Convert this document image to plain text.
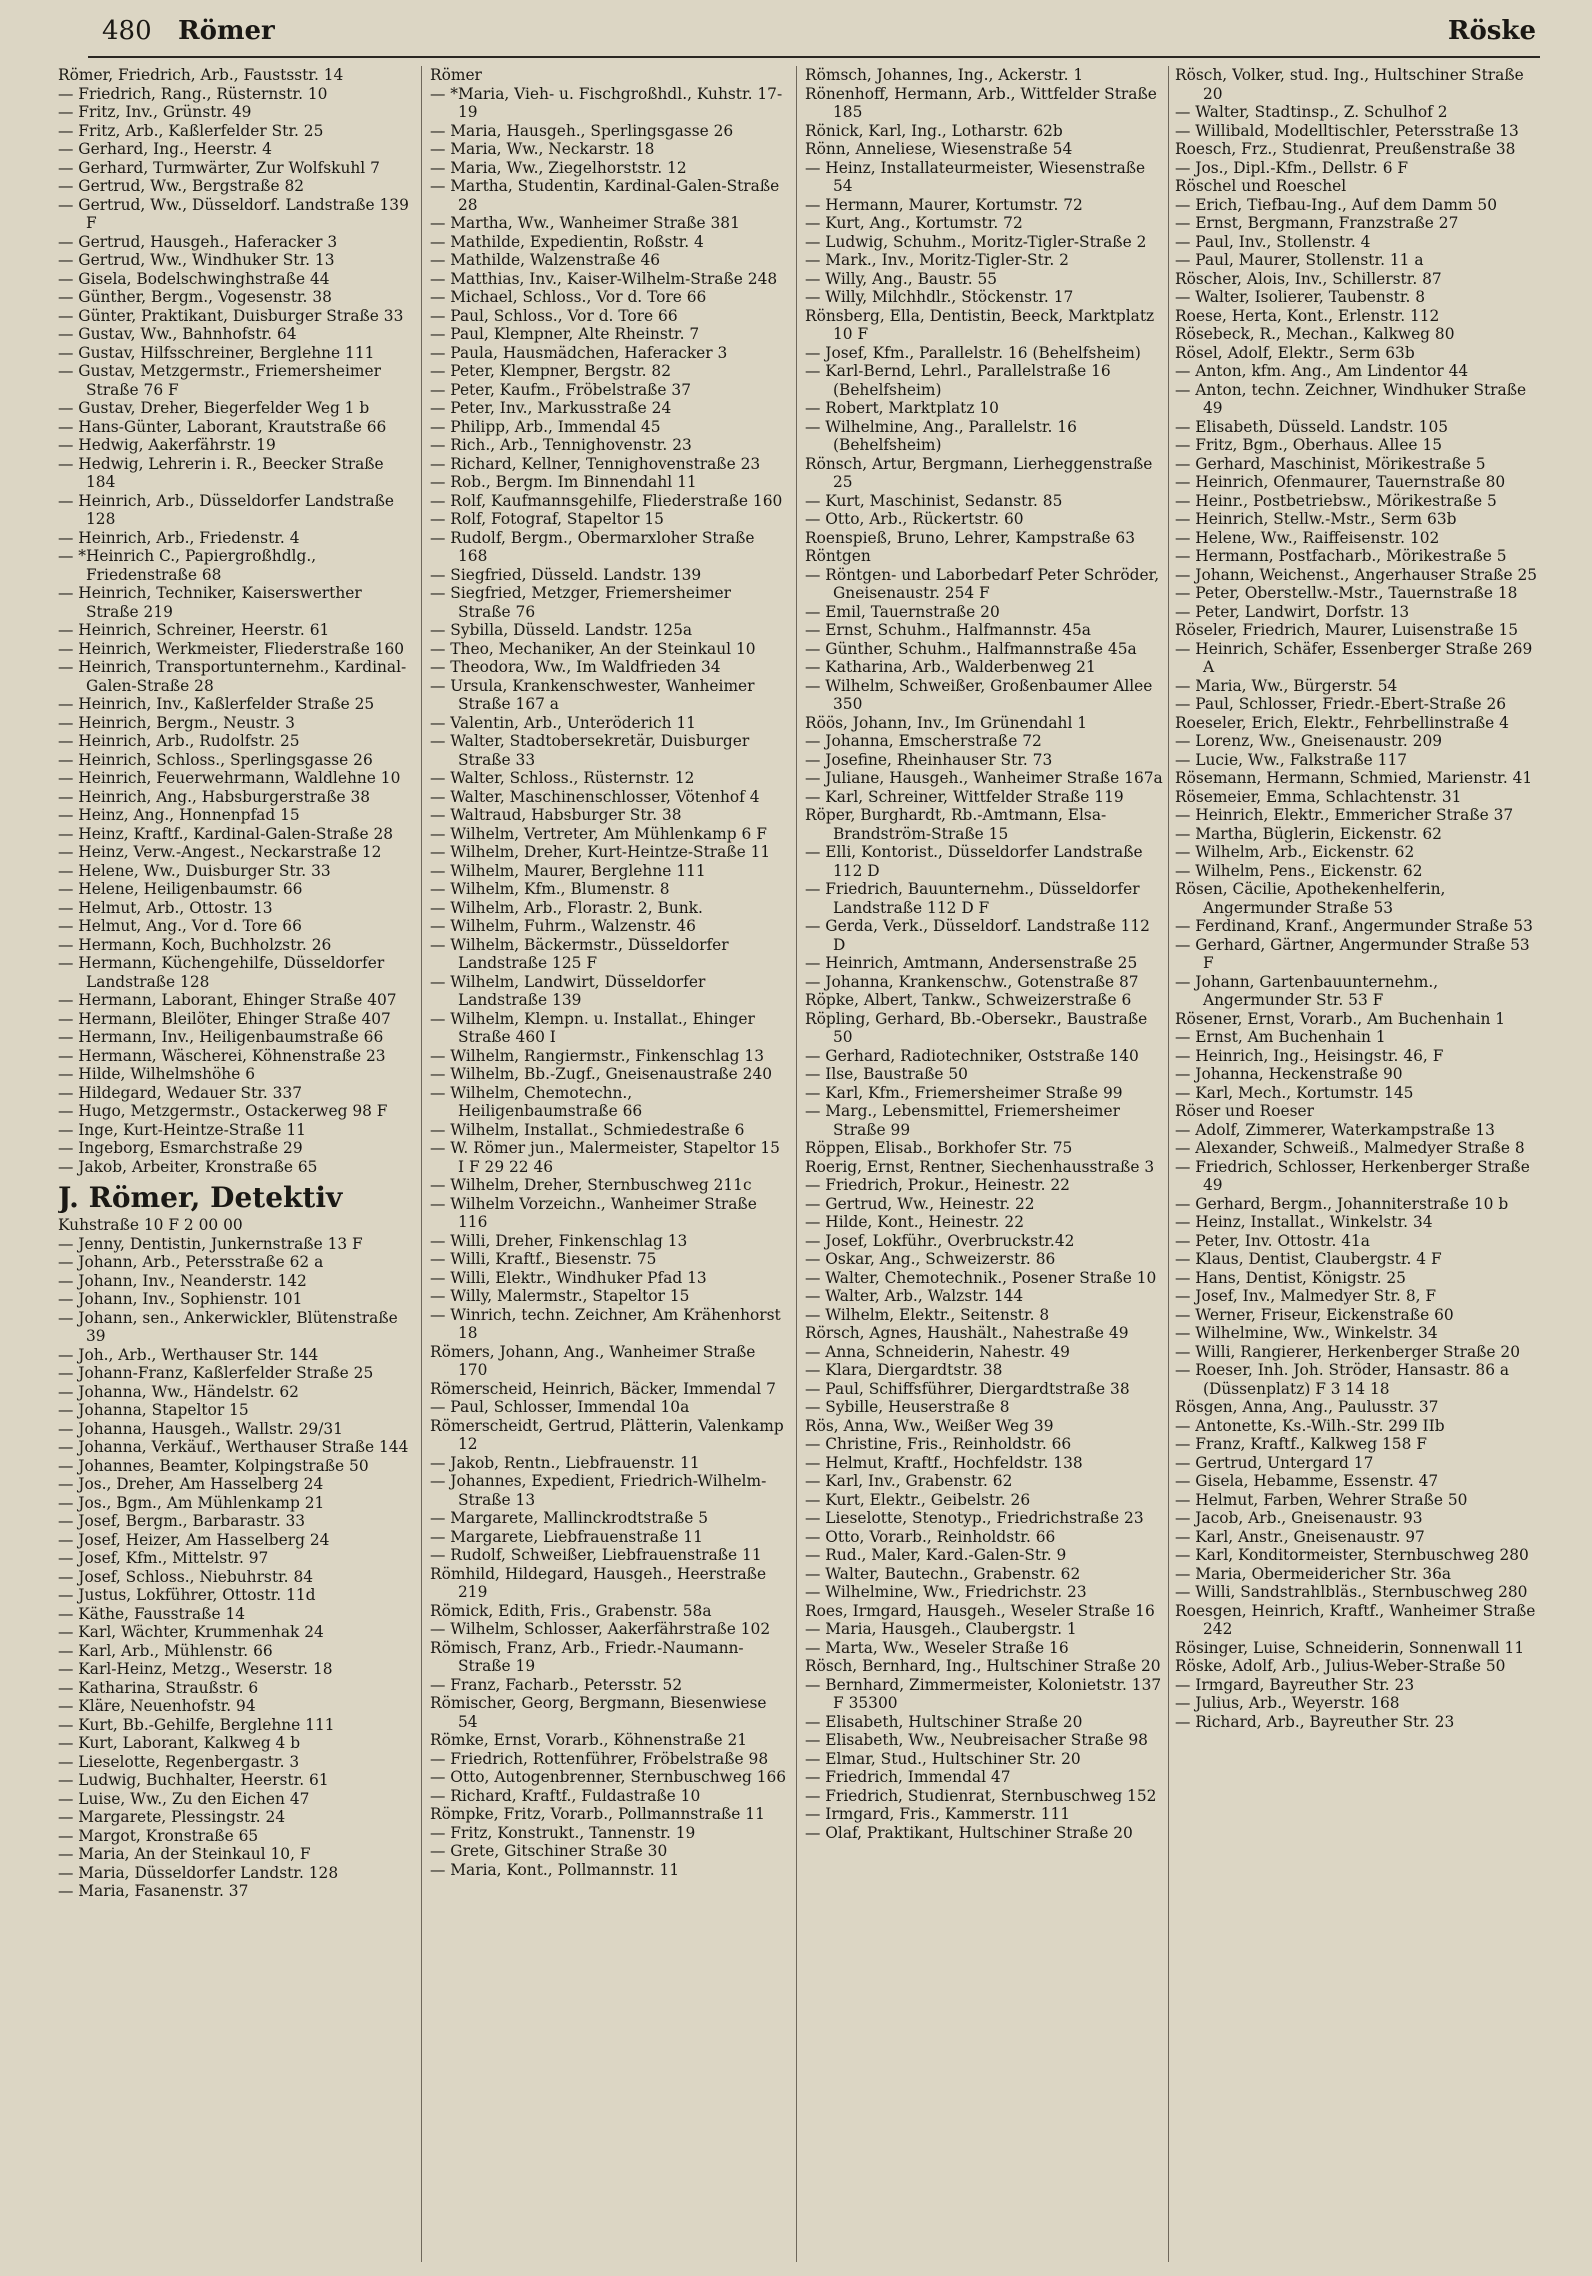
480 Römer	Röske

Römer, Friedrich, Arb., Faustsstr. 14

— Friedrich, Rang., Rüsternstr. 10

— Fritz, Inv., Grünstr. 49

— Fritz, Arb., Kaßlerfelder Str. 25

— Gerhard, Ing., Heerstr. 4

— Gerhard, Turmwärter, Zur Wolfskuhl 7

— Gertrud, Ww., Bergstraße 82

— Gertrud, Ww., Düsseldorf. Landstraße 139 F

— Gertrud, Hausgeh., Haferacker 3

— Gertrud, Ww., Windhuker Str. 13

— Gisela, Bodelschwinghstraße 44

— Günther, Bergm., Vogesenstr. 38

— Günter, Praktikant, Duisburger Straße 33

— Gustav, Ww., Bahnhofstr. 64

— Gustav, Hilfsschreiner, Berglehne 111

— Gustav, Metzgermstr., Friemersheimer Straße 76 F

— Gustav, Dreher, Biegerfelder Weg 1 b

— Hans-Günter, Laborant, Krautstraße 66

— Hedwig, Aakerfährstr. 19

— Hedwig, Lehrerin i. R., Beecker Straße 184

— Heinrich, Arb., Düsseldorfer Landstraße 128

— Heinrich, Arb., Friedenstr. 4

— *Heinrich C., Papiergroßhdlg., Friedenstraße 68

— Heinrich, Techniker, Kaiserswerther Straße 219

— Heinrich, Schreiner, Heerstr. 61

— Heinrich, Werkmeister, Fliederstraße 160

— Heinrich, Transportunternehm., Kardinal-Galen-Straße 28

— Heinrich, Inv., Kaßlerfelder Straße 25

— Heinrich, Bergm., Neustr. 3

— Heinrich, Arb., Rudolfstr. 25

— Heinrich, Schloss., Sperlingsgasse 26

— Heinrich, Feuerwehrmann, Waldlehne 10

— Heinrich, Ang., Habsburgerstraße 38

— Heinz, Ang., Honnenpfad 15

— Heinz, Kraftf., Kardinal-Galen-Straße 28

— Heinz, Verw.-Angest., Neckarstraße 12

— Helene, Ww., Duisburger Str. 33

— Helene, Heiligenbaumstr. 66

— Helmut, Arb., Ottostr. 13

— Helmut, Ang., Vor d. Tore 66

— Hermann, Koch, Buchholzstr. 26

— Hermann, Küchengehilfe, Düsseldorfer Landstraße 128

— Hermann, Laborant, Ehinger Straße 407

— Hermann, Bleilöter, Ehinger Straße 407

— Hermann, Inv., Heiligenbaumstraße 66

— Hermann, Wäscherei, Köhnenstraße 23

— Hilde, Wilhelmshöhe 6

— Hildegard, Wedauer Str. 337

— Hugo, Metzgermstr., Ostackerweg 98 F

— Inge, Kurt-Heintze-Straße 11

— Ingeborg, Esmarchstraße 29

— Jakob, Arbeiter, Kronstraße 65

J. Römer, Detektiv

Kuhstraße 10 F 2 00 00

— Jenny, Dentistin, Junkernstraße 13 F

— Johann, Arb., Petersstraße 62 a

— Johann, Inv., Neanderstr. 142

— Johann, Inv., Sophienstr. 101

— Johann, sen., Ankerwickler, Blütenstraße 39

— Joh., Arb., Werthauser Str. 144

— Johann-Franz, Kaßlerfelder Straße 25

— Johanna, Ww., Händelstr. 62

— Johanna, Stapeltor 15

— Johanna, Hausgeh., Wallstr. 29/31

— Johanna, Verkäuf., Werthauser Straße 144

— Johannes, Beamter, Kolpingstraße 50

— Jos., Dreher, Am Hasselberg 24

— Jos., Bgm., Am Mühlenkamp 21

— Josef, Bergm., Barbarastr. 33

— Josef, Heizer, Am Hasselberg 24

— Josef, Kfm., Mittelstr. 97

— Josef, Schloss., Niebuhrstr. 84

— Justus, Lokführer, Ottostr. 11d

— Käthe, Fausstraße 14

— Karl, Wächter, Krummenhak 24

— Karl, Arb., Mühlenstr. 66

— Karl-Heinz, Metzg., Weserstr. 18

— Katharina, Straußstr. 6

— Kläre, Neuenhofstr. 94

— Kurt, Bb.-Gehilfe, Berglehne 111

— Kurt, Laborant, Kalkweg 4 b

— Lieselotte, Regenbergastr. 3

— Ludwig, Buchhalter, Heerstr. 61

— Luise, Ww., Zu den Eichen 47

— Margarete, Plessingstr. 24

— Margot, Kronstraße 65

— Maria, An der Steinkaul 10, F

— Maria, Düsseldorfer Landstr. 128

— Maria, Fasanenstr. 37

Römer

— *Maria, Vieh- u. Fischgroßhdl., Kuhstr. 17-19

— Maria, Hausgeh., Sperlingsgasse 26

— Maria, Ww., Neckarstr. 18

— Maria, Ww., Ziegelhorststr. 12

— Martha, Studentin, Kardinal-Galen-Straße 28

— Martha, Ww., Wanheimer Straße 381

— Mathilde, Expedientin, Roßstr. 4

— Mathilde, Walzenstraße 46

— Matthias, Inv., Kaiser-Wilhelm-Straße 248

— Michael, Schloss., Vor d. Tore 66

— Paul, Schloss., Vor d. Tore 66

— Paul, Klempner, Alte Rheinstr. 7

— Paula, Hausmädchen, Haferacker 3

— Peter, Klempner, Bergstr. 82

— Peter, Kaufm., Fröbelstraße 37

— Peter, Inv., Markusstraße 24

— Philipp, Arb., Immendal 45

— Rich., Arb., Tennighovenstr. 23

— Richard, Kellner, Tennighovenstraße 23

— Rob., Bergm. Im Binnendahl 11

— Rolf, Kaufmannsgehilfe, Fliederstraße 160

— Rolf, Fotograf, Stapeltor 15

— Rudolf, Bergm., Obermarxloher Straße 168

— Siegfried, Düsseld. Landstr. 139

— Siegfried, Metzger, Friemersheimer Straße 76

— Sybilla, Düsseld. Landstr. 125a

— Theo, Mechaniker, An der Steinkaul 10

— Theodora, Ww., Im Waldfrieden 34

— Ursula, Krankenschwester, Wanheimer Straße 167 a

— Valentin, Arb., Unteröderich 11

— Walter, Stadtobersekretär, Duisburger Straße 33

— Walter, Schloss., Rüsternstr. 12

— Walter, Maschinenschlosser, Vötenhof 4

— Waltraud, Habsburger Str. 38

— Wilhelm, Vertreter, Am Mühlenkamp 6 F

— Wilhelm, Dreher, Kurt-Heintze-Straße 11

— Wilhelm, Maurer, Berglehne 111

— Wilhelm, Kfm., Blumenstr. 8

— Wilhelm, Arb., Florastr. 2, Bunk.

— Wilhelm, Fuhrm., Walzenstr. 46

— Wilhelm, Bäckermstr., Düsseldorfer Landstraße 125 F

— Wilhelm, Landwirt, Düsseldorfer Landstraße 139

— Wilhelm, Klempn. u. Installat., Ehinger Straße 460 I

— Wilhelm, Rangiermstr., Finkenschlag 13

— Wilhelm, Bb.-Zugf., Gneisenaustraße 240

— Wilhelm, Chemotechn., Heiligenbaumstraße 66

— Wilhelm, Installat., Schmiedestraße 6

— W. Römer jun., Malermeister, Stapeltor 15 I F 29 22 46

— Wilhelm, Dreher, Sternbuschweg 211c

— Wilhelm Vorzeichn., Wanheimer Straße 116

— Willi, Dreher, Finkenschlag 13

— Willi, Kraftf., Biesenstr. 75

— Willi, Elektr., Windhuker Pfad 13

— Willy, Malermstr., Stapeltor 15

— Winrich, techn. Zeichner, Am Krähenhorst 18

Römers, Johann, Ang., Wanheimer Straße 170

Römerscheid, Heinrich, Bäcker, Immendal 7

— Paul, Schlosser, Immendal 10a

Römerscheidt, Gertrud, Plätterin, Valenkamp 12

— Jakob, Rentn., Liebfrauenstr. 11

— Johannes, Expedient, Friedrich-Wilhelm-Straße 13

— Margarete, Mallinckrodtstraße 5

— Margarete, Liebfrauenstraße 11

— Rudolf, Schweißer, Liebfrauenstraße 11

Römhild, Hildegard, Hausgeh., Heerstraße 219

Römick, Edith, Fris., Grabenstr. 58a

— Wilhelm, Schlosser, Aakerfährstraße 102

Römisch, Franz, Arb., Friedr.-Naumann-Straße 19

— Franz, Facharb., Petersstr. 52

Römischer, Georg, Bergmann, Biesenwiese 54

Römke, Ernst, Vorarb., Köhnenstraße 21

— Friedrich, Rottenführer, Fröbelstraße 98

— Otto, Autogenbrenner, Sternbuschweg 166

— Richard, Kraftf., Fuldastraße 10

Römpke, Fritz, Vorarb., Pollmannstraße 11

— Fritz, Konstrukt., Tannenstr. 19

— Grete, Gitschiner Straße 30

— Maria, Kont., Pollmannstr. 11

Römsch, Johannes, Ing., Ackerstr. 1

Rönenhoff, Hermann, Arb., Wittfelder Straße 185

Rönick, Karl, Ing., Lotharstr. 62b

Rönn, Anneliese, Wiesenstraße 54

— Heinz, Installateurmeister, Wiesenstraße 54

— Hermann, Maurer, Kortumstr. 72

— Kurt, Ang., Kortumstr. 72

— Ludwig, Schuhm., Moritz-Tigler-Straße 2

— Mark., Inv., Moritz-Tigler-Str. 2

— Willy, Ang., Baustr. 55

— Willy, Milchhdlr., Stöckenstr. 17

Rönsberg, Ella, Dentistin, Beeck, Marktplatz 10 F

— Josef, Kfm., Parallelstr. 16 (Behelfsheim)

— Karl-Bernd, Lehrl., Parallelstraße 16 (Behelfsheim)

— Robert, Marktplatz 10

— Wilhelmine, Ang., Parallelstr. 16 (Behelfsheim)

Rönsch, Artur, Bergmann, Lierheggenstraße 25

— Kurt, Maschinist, Sedanstr. 85

— Otto, Arb., Rückertstr. 60

Roenspieß, Bruno, Lehrer, Kampstraße 63

Röntgen

— Röntgen- und Laborbedarf Peter Schröder, Gneisenaustr. 254 F

— Emil, Tauernstraße 20

— Ernst, Schuhm., Halfmannstr. 45a

— Günther, Schuhm., Halfmannstraße 45a

— Katharina, Arb., Walderbenweg 21

— Wilhelm, Schweißer, Großenbaumer Allee 350

Röös, Johann, Inv., Im Grünendahl 1

— Johanna, Emscherstraße 72

— Josefine, Rheinhauser Str. 73

— Juliane, Hausgeh., Wanheimer Straße 167a

— Karl, Schreiner, Wittfelder Straße 119

Röper, Burghardt, Rb.-Amtmann, Elsa-Brandström-Straße 15

— Elli, Kontorist., Düsseldorfer Landstraße 112 D

— Friedrich, Bauunternehm., Düsseldorfer Landstraße 112 D F

— Gerda, Verk., Düsseldorf. Landstraße 112 D

— Heinrich, Amtmann, Andersenstraße 25

— Johanna, Krankenschw., Gotenstraße 87

Röpke, Albert, Tankw., Schweizerstraße 6

Röpling, Gerhard, Bb.-Obersekr., Baustraße 50

— Gerhard, Radiotechniker, Oststraße 140

— Ilse, Baustraße 50

— Karl, Kfm., Friemersheimer Straße 99

— Marg., Lebensmittel, Friemersheimer Straße 99

Röppen, Elisab., Borkhofer Str. 75

Roerig, Ernst, Rentner, Siechenhausstraße 3

— Friedrich, Prokur., Heinestr. 22

— Gertrud, Ww., Heinestr. 22

— Hilde, Kont., Heinestr. 22

— Josef, Lokführ., Overbruckstr.42

— Oskar, Ang., Schweizerstr. 86

— Walter, Chemotechnik., Posener Straße 10

— Walter, Arb., Walzstr. 144

— Wilhelm, Elektr., Seitenstr. 8

Rörsch, Agnes, Haushält., Nahestraße 49

— Anna, Schneiderin, Nahestr. 49

— Klara, Diergardtstr. 38

— Paul, Schiffsführer, Diergardtstraße 38

— Sybille, Heuserstraße 8

Rös, Anna, Ww., Weißer Weg 39

— Christine, Fris., Reinholdstr. 66

— Helmut, Kraftf., Hochfeldstr. 138

— Karl, Inv., Grabenstr. 62

— Kurt, Elektr., Geibelstr. 26

— Lieselotte, Stenotyp., Friedrichstraße 23

— Otto, Vorarb., Reinholdstr. 66

— Rud., Maler, Kard.-Galen-Str. 9

— Walter, Bautechn., Grabenstr. 62

— Wilhelmine, Ww., Friedrichstr. 23

Roes, Irmgard, Hausgeh., Weseler Straße 16

— Maria, Hausgeh., Claubergstr. 1

— Marta, Ww., Weseler Straße 16

Rösch, Bernhard, Ing., Hultschiner Straße 20

— Bernhard, Zimmermeister, Kolonietstr. 137 F 35300

— Elisabeth, Hultschiner Straße 20

— Elisabeth, Ww., Neubreisacher Straße 98

— Elmar, Stud., Hultschiner Str. 20

— Friedrich, Immendal 47

— Friedrich, Studienrat, Sternbuschweg 152

— Irmgard, Fris., Kammerstr. 111

— Olaf, Praktikant, Hultschiner Straße 20

Rösch, Volker, stud. Ing., Hultschiner Straße 20

— Walter, Stadtinsp., Z. Schulhof 2

— Willibald, Modelltischler, Petersstraße 13

Roesch, Frz., Studienrat, Preußenstraße 38

— Jos., Dipl.-Kfm., Dellstr. 6 F

Röschel und Roeschel

— Erich, Tiefbau-Ing., Auf dem Damm 50

— Ernst, Bergmann, Franzstraße 27

— Paul, Inv., Stollenstr. 4

— Paul, Maurer, Stollenstr. 11 a

Röscher, Alois, Inv., Schillerstr. 87

— Walter, Isolierer, Taubenstr. 8

Roese, Herta, Kont., Erlenstr. 112

Rösebeck, R., Mechan., Kalkweg 80

Rösel, Adolf, Elektr., Serm 63b

— Anton, kfm. Ang., Am Lindentor 44

— Anton, techn. Zeichner, Windhuker Straße 49

— Elisabeth, Düsseld. Landstr. 105

— Fritz, Bgm., Oberhaus. Allee 15

— Gerhard, Maschinist, Mörikestraße 5

— Heinrich, Ofenmaurer, Tauernstraße 80

— Heinr., Postbetriebsw., Mörikestraße 5

— Heinrich, Stellw.-Mstr., Serm 63b

— Helene, Ww., Raiffeisenstr. 102

— Hermann, Postfacharb., Mörikestraße 5

— Johann, Weichenst., Angerhauser Straße 25

— Peter, Oberstellw.-Mstr., Tauernstraße 18

— Peter, Landwirt, Dorfstr. 13

Röseler, Friedrich, Maurer, Luisenstraße 15

— Heinrich, Schäfer, Essenberger Straße 269 A

— Maria, Ww., Bürgerstr. 54

— Paul, Schlosser, Friedr.-Ebert-Straße 26

Roeseler, Erich, Elektr., Fehrbellinstraße 4

— Lorenz, Ww., Gneisenaustr. 209

— Lucie, Ww., Falkstraße 117

Rösemann, Hermann, Schmied, Marienstr. 41

Rösemeier, Emma, Schlachtenstr. 31

— Heinrich, Elektr., Emmericher Straße 37

— Martha, Büglerin, Eickenstr. 62

— Wilhelm, Arb., Eickenstr. 62

— Wilhelm, Pens., Eickenstr. 62

Rösen, Cäcilie, Apothekenhelferin, Angermunder Straße 53

— Ferdinand, Kranf., Angermunder Straße 53

— Gerhard, Gärtner, Angermunder Straße 53 F

— Johann, Gartenbauunternehm., Angermunder Str. 53 F

Rösener, Ernst, Vorarb., Am Buchenhain 1

— Ernst, Am Buchenhain 1

— Heinrich, Ing., Heisingstr. 46, F

— Johanna, Heckenstraße 90

— Karl, Mech., Kortumstr. 145

Röser und Roeser

— Adolf, Zimmerer, Waterkampstraße 13

— Alexander, Schweiß., Malmedyer Straße 8

— Friedrich, Schlosser, Herkenberger Straße 49

— Gerhard, Bergm., Johanniterstraße 10 b

— Heinz, Installat., Winkelstr. 34

— Peter, Inv. Ottostr. 41a

— Klaus, Dentist, Claubergstr. 4 F

— Hans, Dentist, Königstr. 25

— Josef, Inv., Malmedyer Str. 8, F

— Werner, Friseur, Eickenstraße 60

— Wilhelmine, Ww., Winkelstr. 34

— Willi, Rangierer, Herkenberger Straße 20

— Roeser, Inh. Joh. Ströder, Hansastr. 86 a (Düssenplatz) F 3 14 18

Rösgen, Anna, Ang., Paulusstr. 37

— Antonette, Ks.-Wilh.-Str. 299 IIb

— Franz, Kraftf., Kalkweg 158 F

— Gertrud, Untergard 17

— Gisela, Hebamme, Essenstr. 47

— Helmut, Farben, Wehrer Straße 50

— Jacob, Arb., Gneisenaustr. 93

— Karl, Anstr., Gneisenaustr. 97

— Karl, Konditormeister, Sternbuschweg 280

— Maria, Obermeidericher Str. 36a

— Willi, Sandstrahlbläs., Sternbuschweg 280

Roesgen, Heinrich, Kraftf., Wanheimer Straße 242

Rösinger, Luise, Schneiderin, Sonnenwall 11

Röske, Adolf, Arb., Julius-Weber-Straße 50

— Irmgard, Bayreuther Str. 23

— Julius, Arb., Weyerstr. 168

— Richard, Arb., Bayreuther Str. 23
